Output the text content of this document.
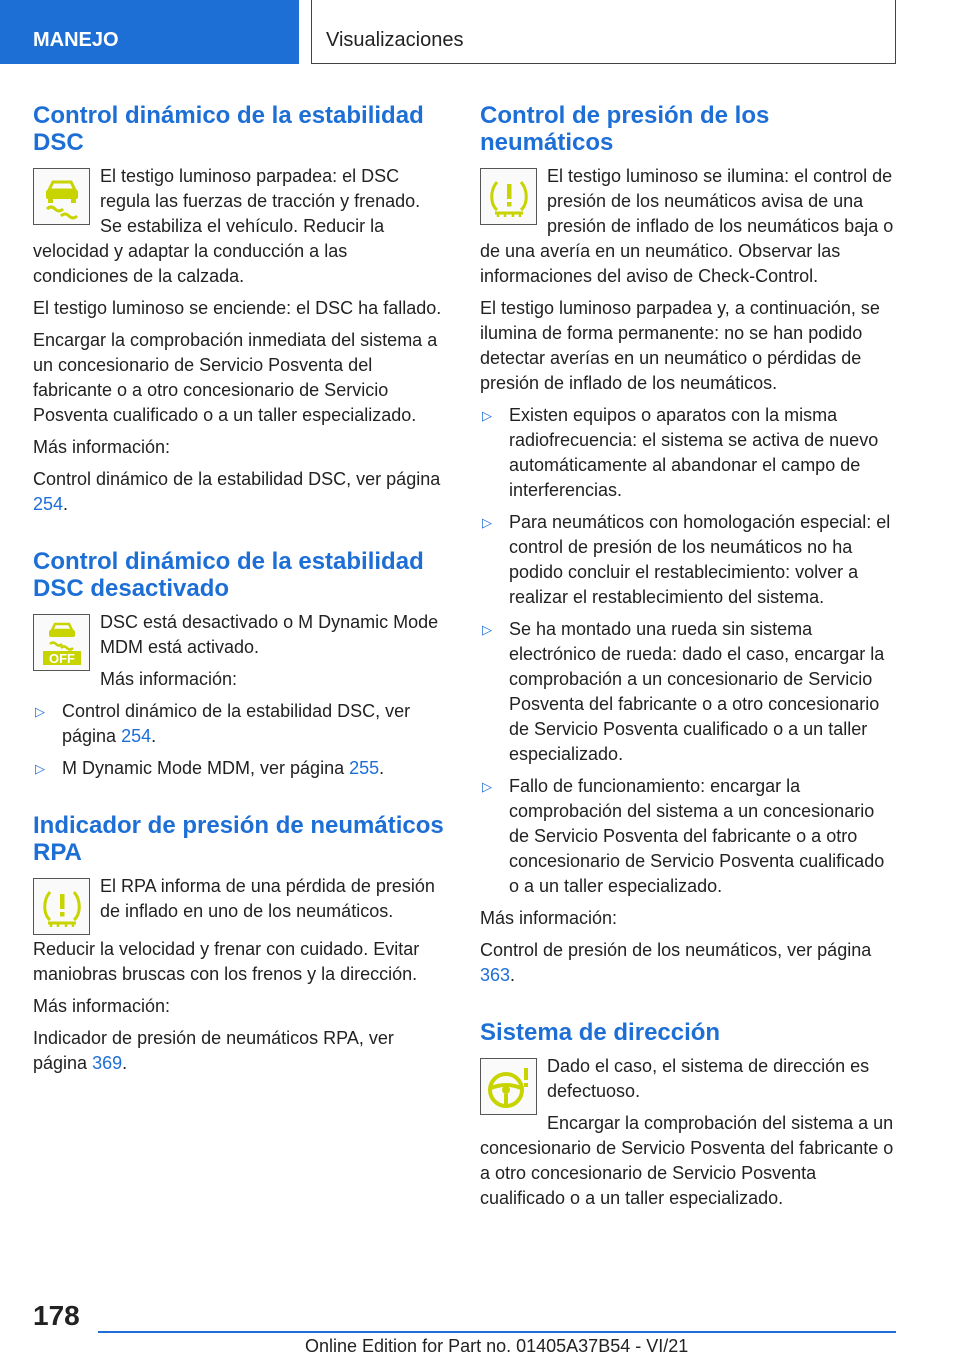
MANEJO	Visualizaciones
Control dinámico de la estabilidad DSC

El testigo luminoso parpadea: el DSC regula las fuerzas de tracción y frenado. Se estabiliza el vehículo. Reducir la velocidad y adaptar la conducción a las condiciones de la calzada.

El testigo luminoso se enciende: el DSC ha fallado.

Encargar la comprobación inmediata del sistema a un concesionario de Servicio Posventa del fabricante o a otro concesionario de Servicio Posventa cualificado o a un taller especializado.

Más información:

Control dinámico de la estabilidad DSC, ver página 254.

Control dinámico de la estabilidad DSC desactivado
OFF

DSC está desactivado o M Dynamic Mode MDM está activado.

Más información:

▷ Control dinámico de la estabilidad DSC, ver página 254.
▷ M Dynamic Mode MDM, ver página 255.
Indicador de presión de neumáticos RPA

El RPA informa de una pérdida de presión de inflado en uno de los neumáticos.

Reducir la velocidad y frenar con cuidado. Evitar maniobras bruscas con los frenos y la dirección.

Más información:

Indicador de presión de neumáticos RPA, ver página 369.

Control de presión de los neumáticos

El testigo luminoso se ilumina: el control de presión de los neumáticos avisa de una presión de inflado de los neumáticos baja o de una avería en un neumático. Observar las informaciones del aviso de Check-Control.

El testigo luminoso parpadea y, a continuación, se ilumina de forma permanente: no se han podido detectar averías en un neumático o pérdidas de presión de inflado de los neumáticos.

▷ Existen equipos o aparatos con la misma radiofrecuencia: el sistema se activa de nuevo automáticamente al abandonar el campo de interferencias.
▷ Para neumáticos con homologación especial: el control de presión de los neumáticos no ha podido concluir el restablecimiento: volver a realizar el restablecimiento del sistema.
▷ Se ha montado una rueda sin sistema electrónico de rueda: dado el caso, encargar la comprobación a un concesionario de Servicio Posventa del fabricante o a otro concesionario de Servicio Posventa cualificado o a un taller especializado.
▷ Fallo de funcionamiento: encargar la comprobación del sistema a un concesionario de Servicio Posventa del fabricante o a otro concesionario de Servicio Posventa cualificado o a un taller especializado.

Más información:

Control de presión de los neumáticos, ver página 363.

Sistema de dirección

Dado el caso, el sistema de dirección es defectuoso.

Encargar la comprobación del sistema a un concesionario de Servicio Posventa del fabricante o a otro concesionario de Servicio Posventa cualificado o a un taller especializado.

178
Online Edition for Part no. 01405A37B54 - VI/21
